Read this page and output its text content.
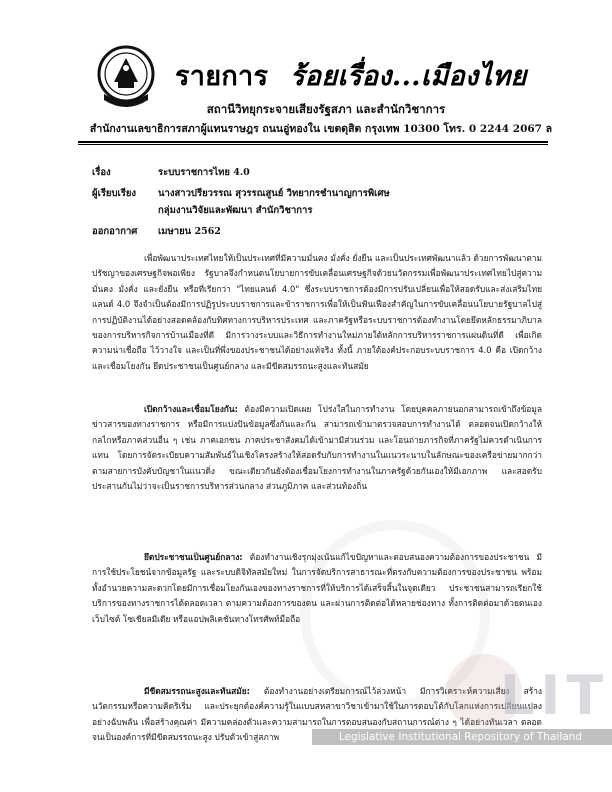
รายการ ร้อยเรื่อง...เมืองไทย
สถานีวิทยุกระจายเสียงรัฐสภา และสำนักวิชาการ
สำนักงานเลขาธิการสภาผู้แทนราษฎร ถนนอู่ทองใน เขตดุสิต กรุงเทพ 10300 โทร. 0 2244 2067 ล
เรื่อง	ระบบราชการไทย 4.0
ผู้เรียบเรียง นางสาวปรียวรรณ สุวรรณสูนย์ วิทยากรชำนาญการพิเศษ
กลุ่มงานวิจัยและพัฒนา สำนักวิชาการ
ออกอากาศ เมษายน 2562
เพื่อพัฒนาประเทศไทยให้เป็นประเทศที่มีความมั่นคง มั่งคั่ง ยั่งยืน และเป็นประเทศพัฒนาแล้ว ด้วยการพัฒนาตามปรัชญาของเศรษฐกิจพอเพียง รัฐบาลจึงกำหนดนโยบายการขับเคลื่อนเศรษฐกิจด้วยนวัตกรรมเพื่อพัฒนาประเทศไทยไปสู่ความมั่นคง มั่งคั่ง และยั่งยืน หรือที่เรียกว่า "ไทยแลนด์ 4.0" ซึ่งระบบราชการต้องมีการปรับเปลี่ยนเพื่อให้สอดรับและส่งเสริมไทยแลนด์ 4.0 จึงจำเป็นต้องมีการปฏิรูประบบราชการและข้าราชการเพื่อให้เป็นฟันเฟืองสำคัญในการขับเคลื่อนนโยบายรัฐบาลไปสู่การปฏิบัติงานได้อย่างสอดคล้องกับทิศทางการบริหารประเทศ และภาครัฐหรือระบบราชการต้องทำงานโดยยึดหลักธรรมาภิบาลของการบริหารกิจการบ้านเมืองที่ดี มีการวางระบบและวิธีการทำงานใหม่ภายใต้หลักการบริหารราชการแผ่นดินที่ดี เพื่อเกิดความน่าเชื่อถือ ไว้วางใจ และเป็นที่พึ่งของประชาชนได้อย่างแท้จริง ทั้งนี้ ภายใต้องค์ประกอบระบบราชการ 4.0 คือ เปิดกว้างและเชื่อมโยงกัน ยึดประชาชนเป็นศูนย์กลาง และมีขีดสมรรถนะสูงและทันสมัย
เปิดกว้างและเชื่อมโยงกัน: ต้องมีความเปิดเผย โปร่งใสในการทำงาน โดยบุคคลภายนอกสามารถเข้าถึงข้อมูลข่าวสารของทางราชการ หรือมีการแบ่งปันข้อมูลซึ่งกันและกัน สามารถเข้ามาตรวจสอบการทำงานได้ ตลอดจนเปิดกว้างให้กลไกหรือภาคส่วนอื่น ๆ เช่น ภาคเอกชน ภาคประชาสังคมได้เข้ามามีส่วนร่วม และโอนถ่ายภารกิจที่ภาครัฐไม่ควรดำเนินการแทน โดยการจัดระเบียบความสัมพันธ์ในเชิงโครงสร้างให้สอดรับกับการทำงานในแนวระนาบในลักษณะของเครือข่ายมากกว่าตามสายการบังคับบัญชาในแนวดิ่ง ขณะเดียวกันยังต้องเชื่อมโยงการทำงานในภาครัฐด้วยกันเองให้มีเอกภาพ และสอดรับประสานกันไม่ว่าจะเป็นราชการบริหารส่วนกลาง ส่วนภูมิภาค และส่วนท้องถิ่น
ยึดประชาชนเป็นศูนย์กลาง: ต้องทำงานเชิงรุกมุ่งเน้นแก้ไขปัญหาและตอบสนองความต้องการของประชาชน มีการใช้ประโยชน์จากข้อมูลรัฐ และระบบดิจิทัลสมัยใหม่ ในการจัดบริการสาธารณะที่ตรงกับความต้องการของประชาชน พร้อมทั้งอำนวยความสะดวกโดยมีการเชื่อมโยงกันเองของทางราชการที่ให้บริการได้เสร็จสิ้นในจุดเดียว ประชาชนสามารถเรียกใช้บริการของทางราชการได้ตลอดเวลา ตามความต้องการของตน และผ่านการติดต่อได้หลายช่องทาง ทั้งการติดต่อมาด้วยตนเอง เว็บไซต์ โซเชียลมีเดีย หรือแอปพลิเคชันทางโทรศัพท์มือถือ
มีขีดสมรรถนะสูงและทันสมัย: ต้องทำงานอย่างเตรียมการณ์ไว้ล่วงหน้า มีการวิเคราะห์ความเสี่ยง สร้างนวัตกรรมหรือความคิดริเริ่ม และประยุกต์องค์ความรู้ในแบบสหสาขาวิชาเข้ามาใช้ในการตอบโต้กับโลกแห่งการเปลี่ยนแปลงอย่างฉับพลัน เพื่อสร้างคุณค่า มีความคล่องตัวและความสามารถในการตอบสนองกับสถานการณ์ต่าง ๆ ได้อย่างทันเวลา ตลอดจนเป็นองค์การที่มีขีดสมรรถนะสูง ปรับตัวเข้าสู่สภาพ
LIT
Legislative Institutional Repository of Thailand
